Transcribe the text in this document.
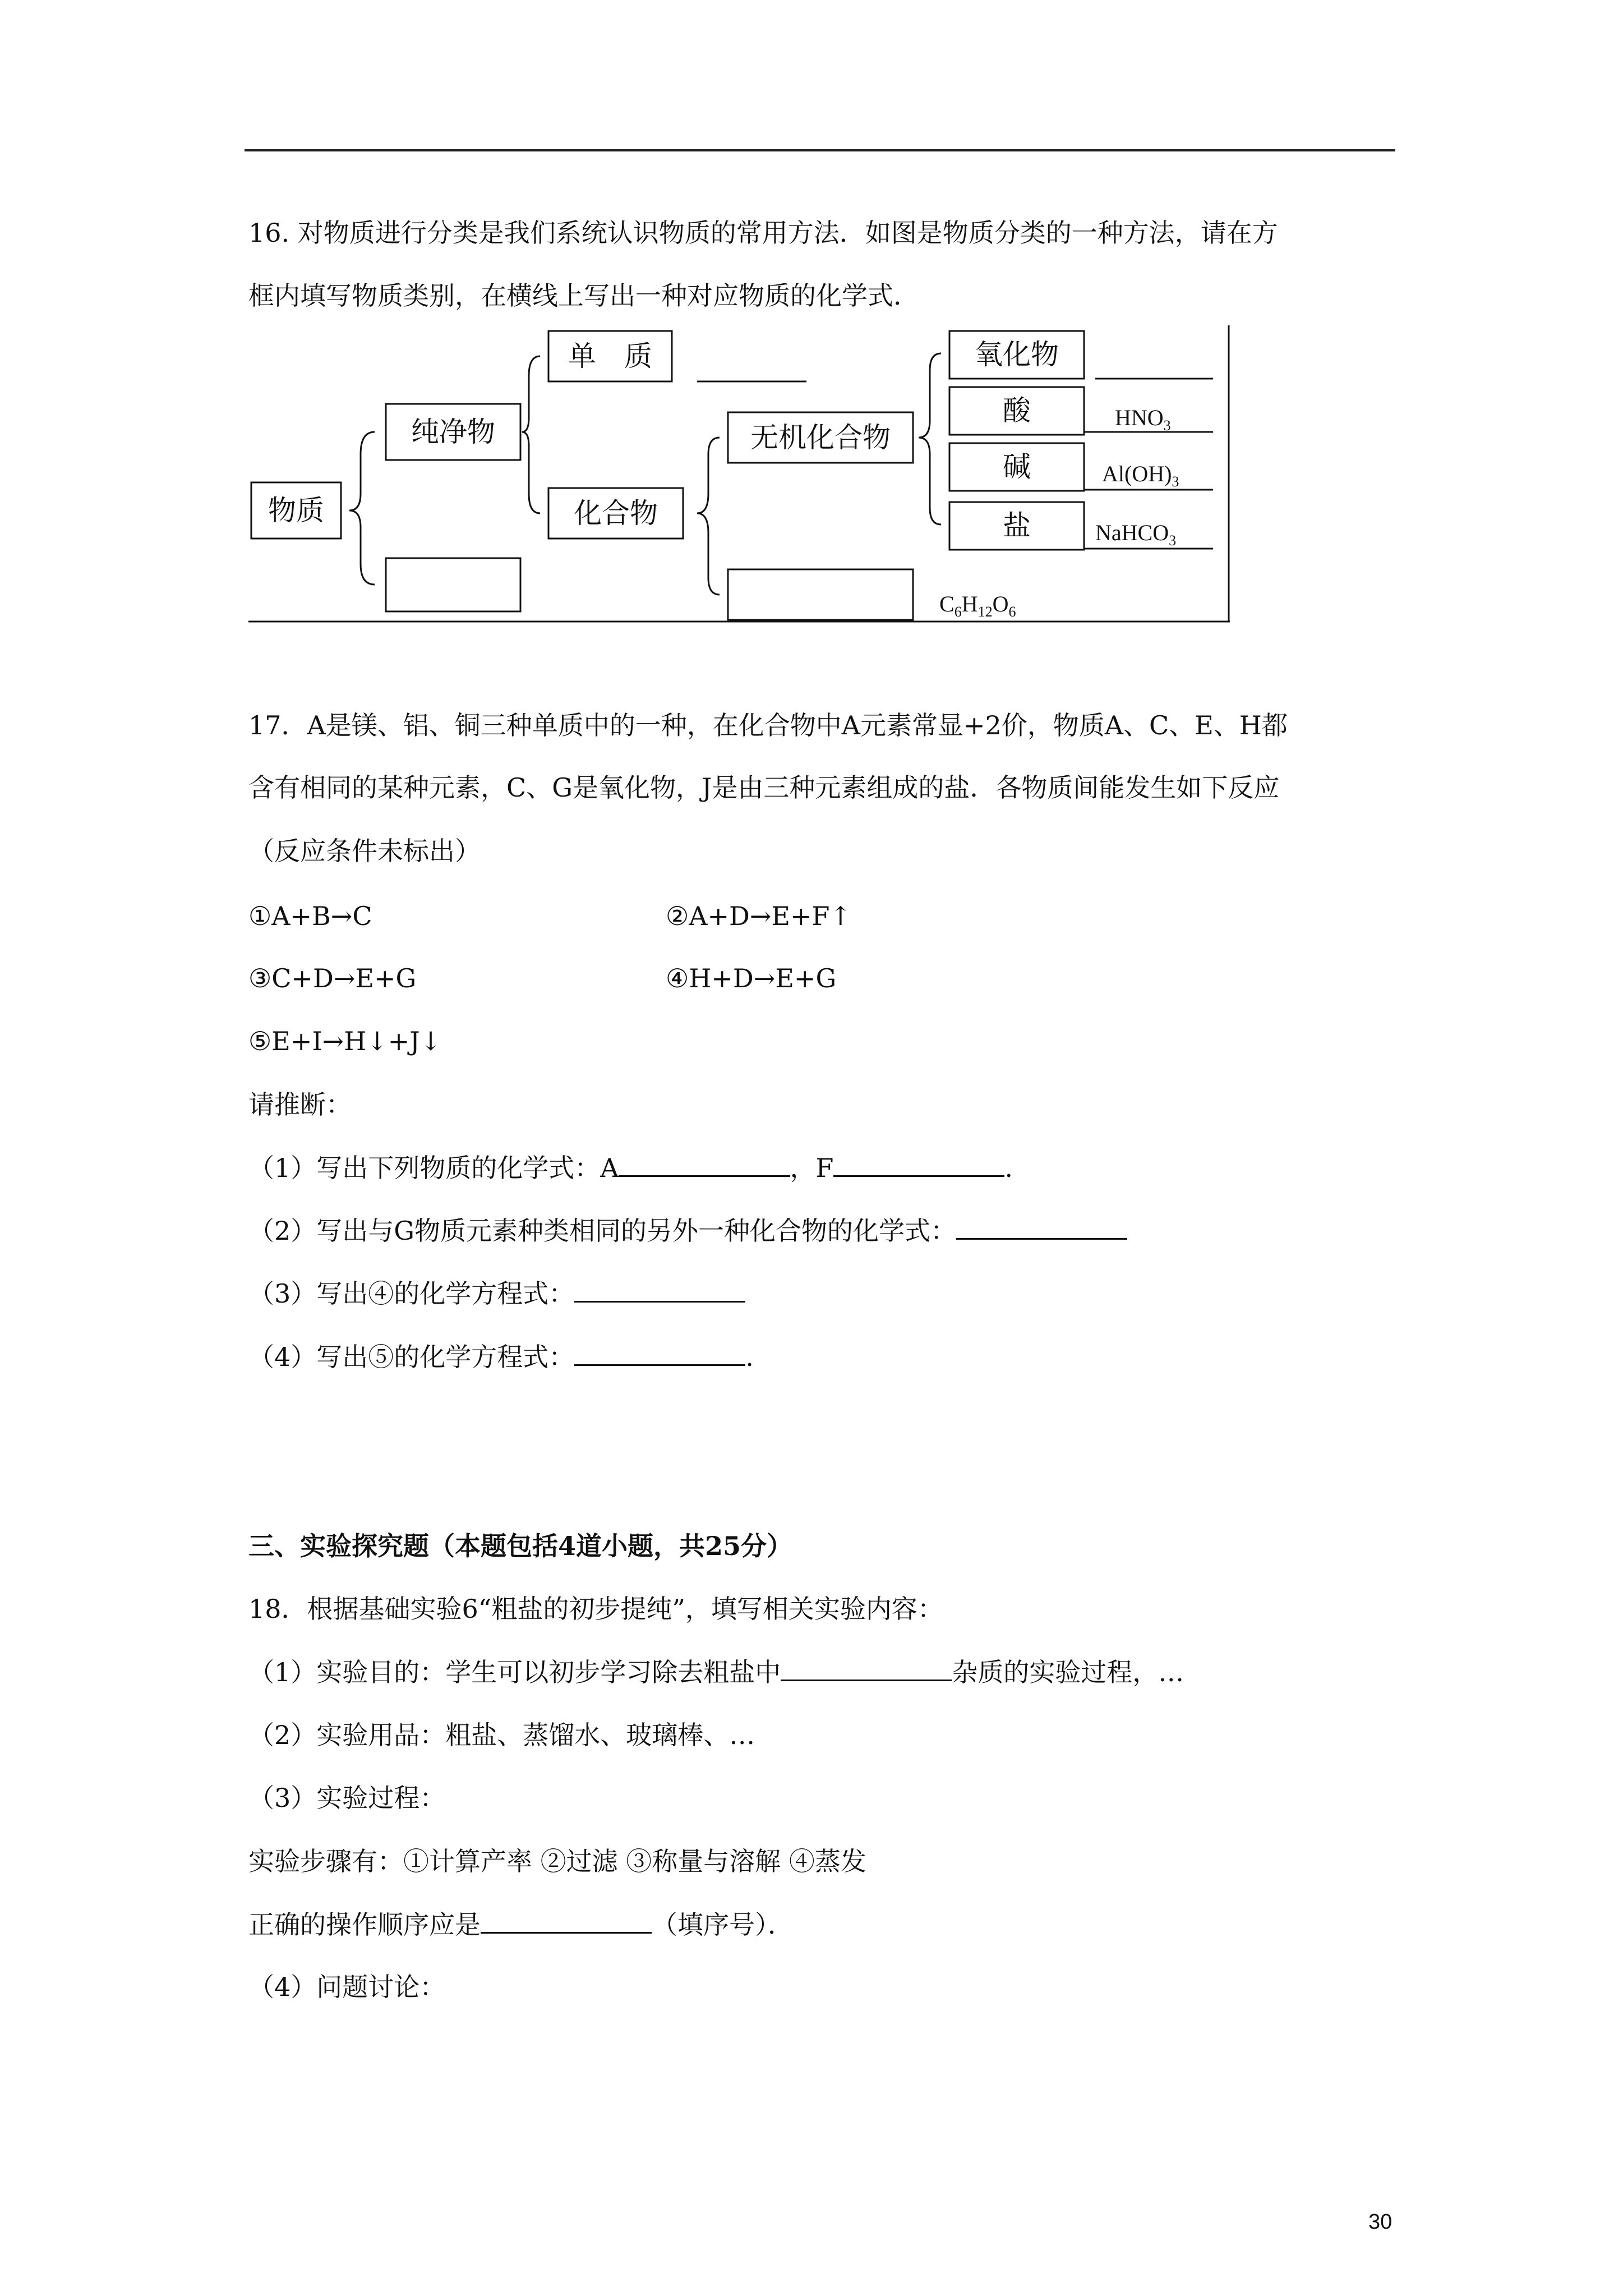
16. 对物质进行分类是我们系统认识物质的常用方法．如图是物质分类的一种方法，请在方
框内填写物质类别，在横线上写出一种对应物质的化学式．
物质
纯净物
单　质
化合物
无机化合物
氧化物
酸
碱
盐
$HNO_3$
$Al(OH)_3$
NaHCO$_3$
$C_6H_{12}O_6$
17．A是镁、铝、铜三种单质中的一种，在化合物中A元素常显+2价，物质A、C、E、H都
含有相同的某种元素，C、G是氧化物，J是由三种元素组成的盐．各物质间能发生如下反应
（反应条件未标出）
①A+B→C	②A+D→E+F↑
③C+D→E+G	④H+D→E+G
⑤E+I→H↓+J↓
请推断：
（1）写出下列物质的化学式：A	，F	.
（2）写出与G物质元素种类相同的另外一种化合物的化学式：
（3）写出④的化学方程式：
（4）写出⑤的化学方程式：	.
三、实验探究题（本题包括4道小题，共25分）
18．根据基础实验6“粗盐的初步提纯”，填写相关实验内容：
（1）实验目的：学生可以初步学习除去粗盐中	杂质的实验过程，…
（2）实验用品：粗盐、蒸馏水、玻璃棒、…
（3）实验过程：
实验步骤有：①计算产率 ②过滤 ③称量与溶解 ④蒸发
正确的操作顺序应是	（填序号）．
（4）问题讨论：
30
